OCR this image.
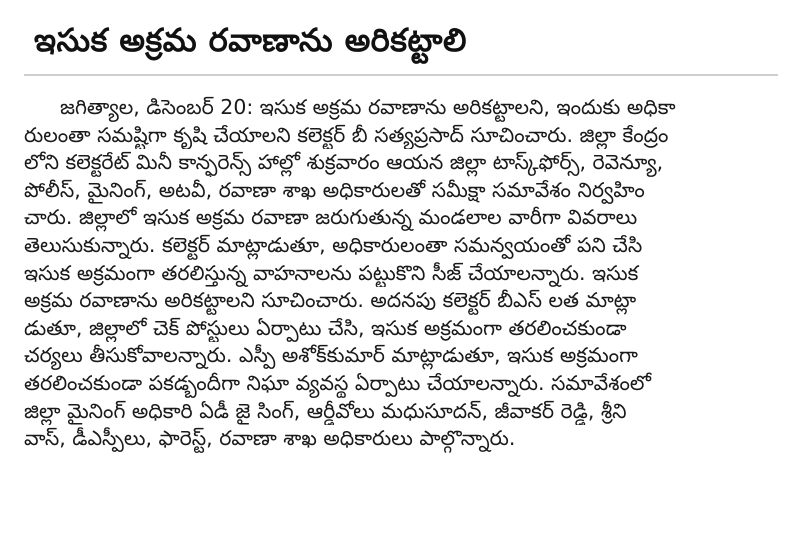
ఇసుక అక్రమ రవాణాను అరికట్టాలి
జగిత్యాల, డిసెంబర్ 20: ఇసుక అక్రమ రవాణాను అరికట్టాలని, ఇందుకు అధికా
రులంతా సమష్టిగా కృషి చేయాలని కలెక్టర్ బీ సత్యప్రసాద్ సూచించారు. జిల్లా కేంద్రం
లోని కలెక్టరేట్ మినీ కాన్ఫరెన్స్ హాల్లో శుక్రవారం ఆయన జిల్లా టాస్క్‌ఫోర్స్, రెవెన్యూ,
పోలీస్, మైనింగ్, అటవీ, రవాణా శాఖ అధికారులతో సమీక్షా సమావేశం నిర్వహిం
చారు. జిల్లాలో ఇసుక అక్రమ రవాణా జరుగుతున్న మండలాల వారీగా వివరాలు
తెలుసుకున్నారు. కలెక్టర్ మాట్లాడుతూ, అధికారులంతా సమన్వయంతో పని చేసి
ఇసుక అక్రమంగా తరలిస్తున్న వాహనాలను పట్టుకొని సీజ్ చేయాలన్నారు. ఇసుక
అక్రమ రవాణాను అరికట్టాలని సూచించారు. అదనపు కలెక్టర్ బీఎస్ లత మాట్లా
డుతూ, జిల్లాలో చెక్ పోస్టులు ఏర్పాటు చేసి, ఇసుక అక్రమంగా తరలించకుండా
చర్యలు తీసుకోవాలన్నారు. ఎస్పీ అశోక్‌కుమార్ మాట్లాడుతూ, ఇసుక అక్రమంగా
తరలించకుండా పకడ్బందీగా నిఘా వ్యవస్థ ఏర్పాటు చేయాలన్నారు. సమావేశంలో
జిల్లా మైనింగ్ అధికారి ఏడీ జై సింగ్, ఆర్డీవోలు మధుసూదన్, జీవాకర్ రెడ్డి, శ్రీని
వాస్, డీఎస్పీలు, ఫారెస్ట్, రవాణా శాఖ అధికారులు పాల్గొన్నారు.
